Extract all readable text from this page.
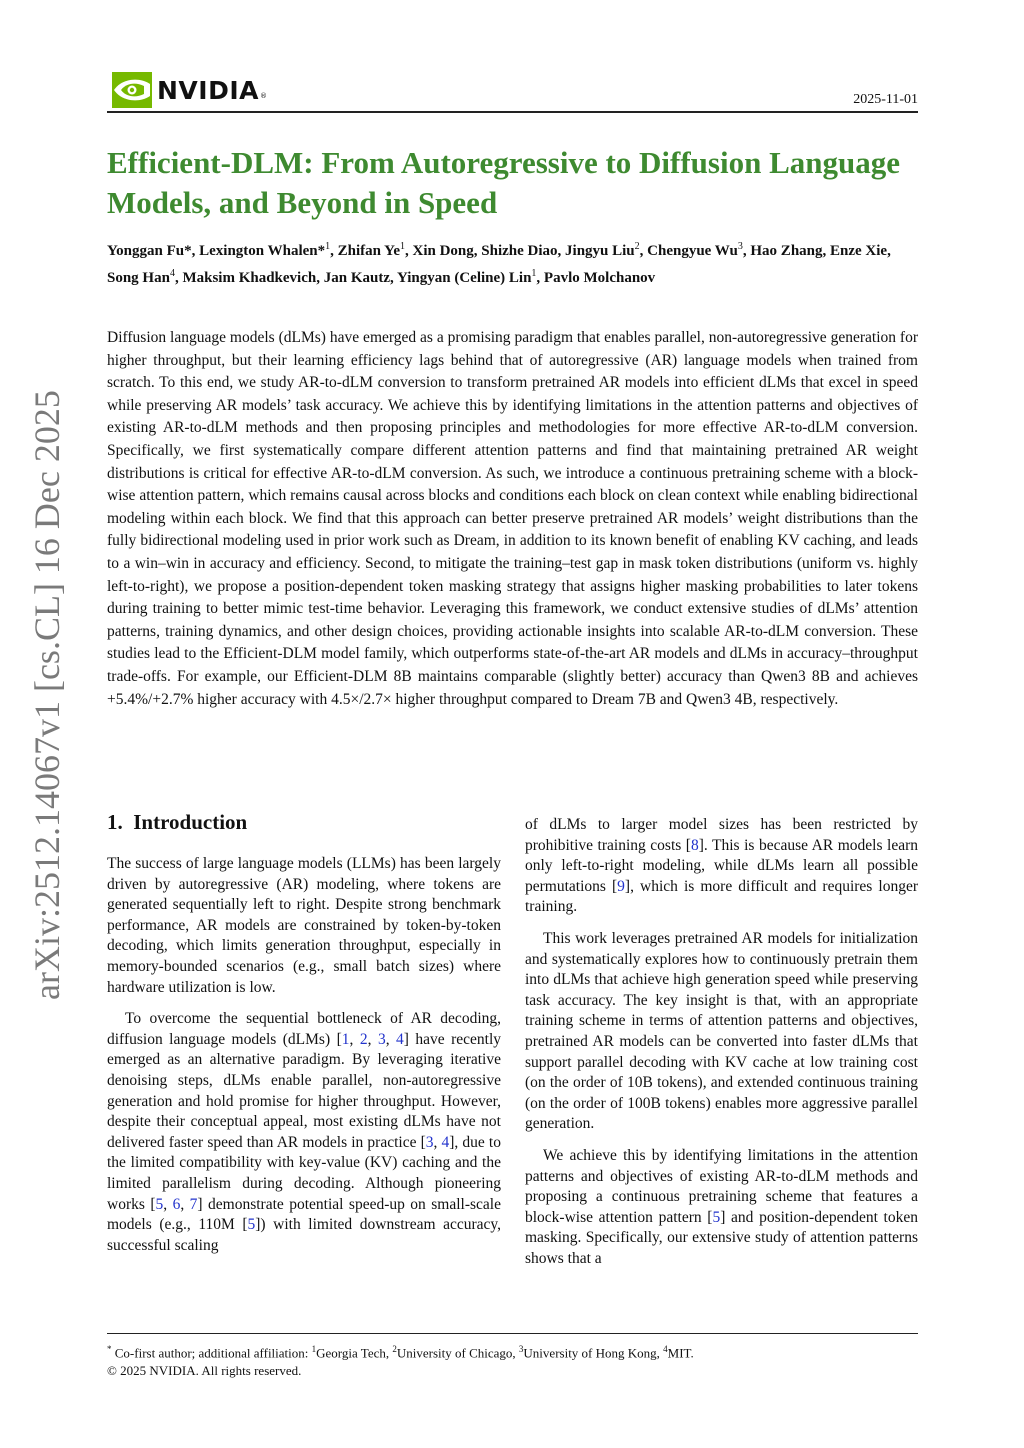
NVIDIA ®	2025-11-01
arXiv:2512.14067v1 [cs.CL] 16 Dec 2025
Efficient-DLM: From Autoregressive to Diffusion Language Models, and Beyond in Speed

Yonggan Fu*, Lexington Whalen*$^1$, Zhifan Ye$^1$, Xin Dong, Shizhe Diao, Jingyu Liu$^2$, Chengyue Wu$^3$, Hao Zhang, Enze Xie, Song Han$^4$, Maksim Khadkevich, Jan Kautz, Yingyan (Celine) Lin$^1$, Pavlo Molchanov

Diffusion language models (dLMs) have emerged as a promising paradigm that enables parallel, non-autoregressive generation for higher throughput, but their learning efficiency lags behind that of autoregressive (AR) language models when trained from scratch. To this end, we study AR-to-dLM conversion to transform pretrained AR models into efficient dLMs that excel in speed while preserving AR models’ task accuracy. We achieve this by identifying limitations in the attention patterns and objectives of existing AR-to-dLM methods and then proposing principles and methodologies for more effective AR-to-dLM conversion. Specifically, we first systematically compare different attention patterns and find that maintaining pretrained AR weight distributions is critical for effective AR-to-dLM conversion. As such, we introduce a continuous pretraining scheme with a block-wise attention pattern, which remains causal across blocks and conditions each block on clean context while enabling bidirectional modeling within each block. We find that this approach can better preserve pretrained AR models’ weight distributions than the fully bidirectional modeling used in prior work such as Dream, in addition to its known benefit of enabling KV caching, and leads to a win–win in accuracy and efficiency. Second, to mitigate the training–test gap in mask token distributions (uniform vs. highly left-to-right), we propose a position-dependent token masking strategy that assigns higher masking probabilities to later tokens during training to better mimic test-time behavior. Leveraging this framework, we conduct extensive studies of dLMs’ attention patterns, training dynamics, and other design choices, providing actionable insights into scalable AR-to-dLM conversion. These studies lead to the Efficient-DLM model family, which outperforms state-of-the-art AR models and dLMs in accuracy–throughput trade-offs. For example, our Efficient-DLM 8B maintains comparable (slightly better) accuracy than Qwen3 8B and achieves +5.4%/+2.7% higher accuracy with 4.5×/2.7× higher throughput compared to Dream 7B and Qwen3 4B, respectively.

1. Introduction

The success of large language models (LLMs) has been largely driven by autoregressive (AR) modeling, where tokens are generated sequentially left to right. Despite strong benchmark performance, AR models are constrained by token-by-token decoding, which limits generation throughput, especially in memory-bounded scenarios (e.g., small batch sizes) where hardware utilization is low.

To overcome the sequential bottleneck of AR decoding, diffusion language models (dLMs) [1, 2, 3, 4] have recently emerged as an alternative paradigm. By leveraging iterative denoising steps, dLMs enable parallel, non-autoregressive generation and hold promise for higher throughput. However, despite their conceptual appeal, most existing dLMs have not delivered faster speed than AR models in practice [3, 4], due to the limited compatibility with key-value (KV) caching and the limited parallelism during decoding. Although pioneering works [5, 6, 7] demonstrate potential speed-up on small-scale models (e.g., 110M [5]) with limited downstream accuracy, successful scaling

of dLMs to larger model sizes has been restricted by prohibitive training costs [8]. This is because AR models learn only left-to-right modeling, while dLMs learn all possible permutations [9], which is more difficult and requires longer training.

This work leverages pretrained AR models for initialization and systematically explores how to continuously pretrain them into dLMs that achieve high generation speed while preserving task accuracy. The key insight is that, with an appropriate training scheme in terms of attention patterns and objectives, pretrained AR models can be converted into faster dLMs that support parallel decoding with KV cache at low training cost (on the order of 10B tokens), and extended continuous training (on the order of 100B tokens) enables more aggressive parallel generation.

We achieve this by identifying limitations in the attention patterns and objectives of existing AR-to-dLM methods and proposing a continuous pretraining scheme that features a block-wise attention pattern [5] and position-dependent token masking. Specifically, our extensive study of attention patterns shows that a

* Co-first author; additional affiliation: $^1$Georgia Tech, $^2$University of Chicago, $^3$University of Hong Kong, $^4$MIT.
© 2025 NVIDIA. All rights reserved.
